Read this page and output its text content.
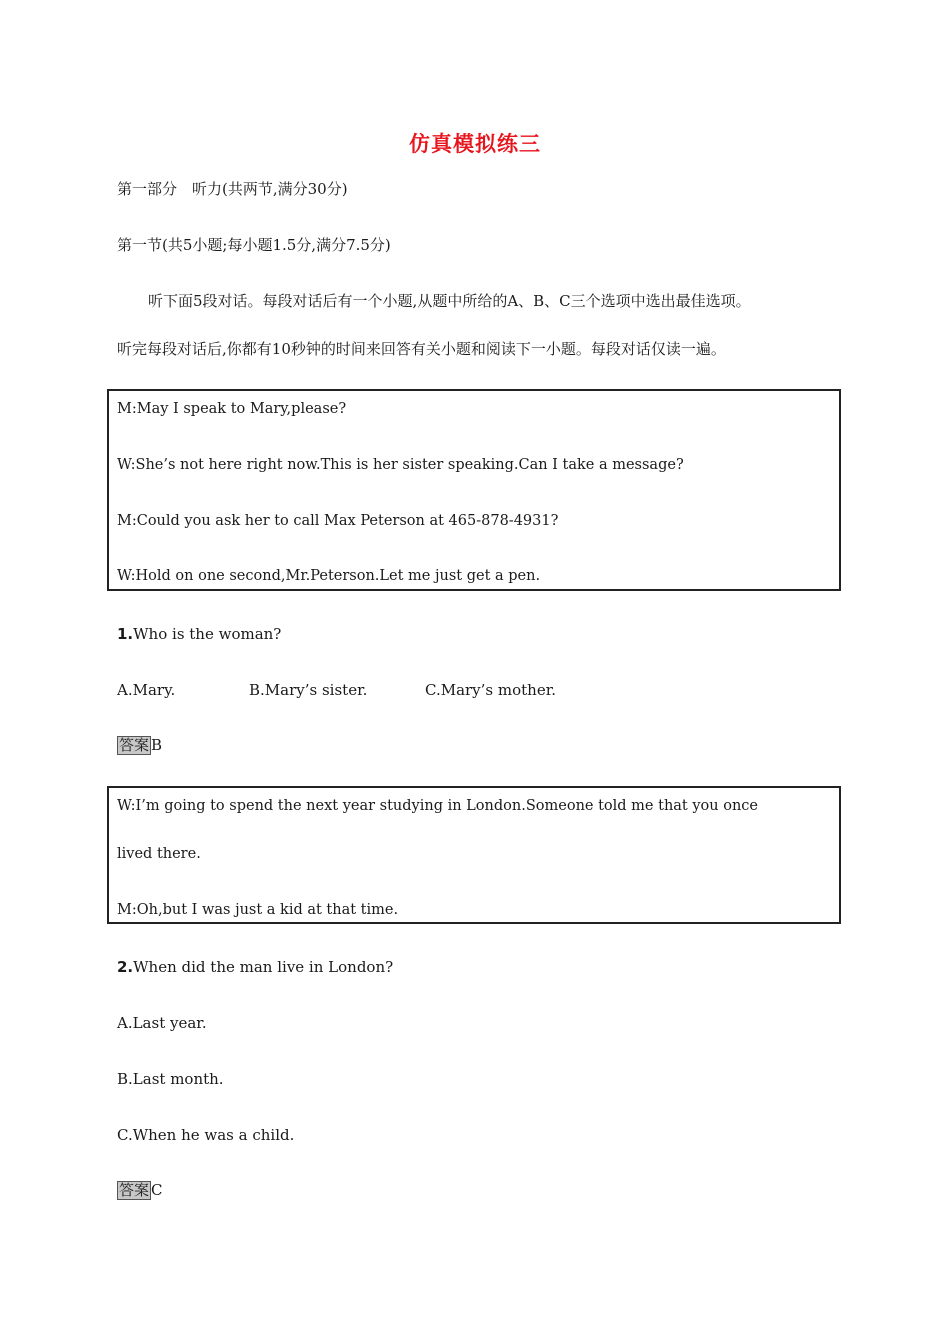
仿真模拟练三
第一部分　听力(共两节,满分30分)
第一节(共5小题;每小题1.5分,满分7.5分)
听下面5段对话。每段对话后有一个小题,从题中所给的A、B、C三个选项中选出最佳选项。
听完每段对话后,你都有10秒钟的时间来回答有关小题和阅读下一小题。每段对话仅读一遍。
M:May I speak to Mary,please?
W:She’s not here right now.This is her sister speaking.Can I take a message?
M:Could you ask her to call Max Peterson at 465-878-4931?
W:Hold on one second,Mr.Peterson.Let me just get a pen.
1.Who is the woman?
A.Mary.	B.Mary’s sister.	C.Mary’s mother.
答案 B
W:I’m going to spend the next year studying in London.Someone told me that you once
lived there.
M:Oh,but I was just a kid at that time.
2.When did the man live in London?
A.Last year.
B.Last month.
C.When he was a child.
答案 C
